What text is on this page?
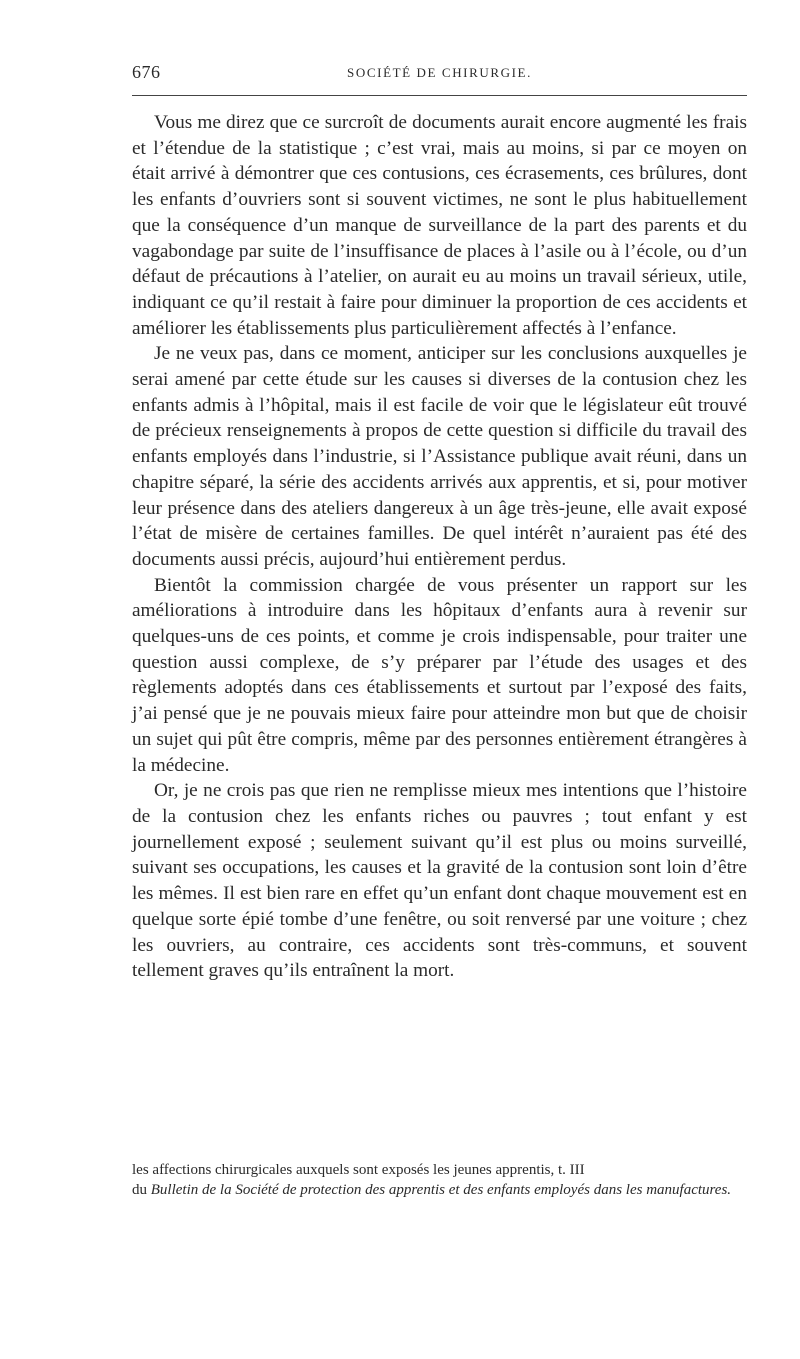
676	SOCIÉTÉ DE CHIRURGIE.

Vous me direz que ce surcroît de documents aurait encore augmenté les frais et l’étendue de la statistique ; c’est vrai, mais au moins, si par ce moyen on était arrivé à démontrer que ces contusions, ces écrasements, ces brûlures, dont les enfants d’ouvriers sont si souvent victimes, ne sont le plus habituellement que la conséquence d’un manque de surveillance de la part des parents et du vagabondage par suite de l’insuffisance de places à l’asile ou à l’école, ou d’un défaut de précautions à l’atelier, on aurait eu au moins un travail sérieux, utile, indiquant ce qu’il restait à faire pour diminuer la proportion de ces accidents et améliorer les établissements plus particulièrement affectés à l’enfance.

Je ne veux pas, dans ce moment, anticiper sur les conclusions auxquelles je serai amené par cette étude sur les causes si diverses de la contusion chez les enfants admis à l’hôpital, mais il est facile de voir que le législateur eût trouvé de précieux renseignements à propos de cette question si difficile du travail des enfants employés dans l’industrie, si l’Assistance publique avait réuni, dans un chapitre séparé, la série des accidents arrivés aux apprentis, et si, pour motiver leur présence dans des ateliers dangereux à un âge très-jeune, elle avait exposé l’état de misère de certaines familles. De quel intérêt n’auraient pas été des documents aussi précis, aujourd’hui entièrement perdus.

Bientôt la commission chargée de vous présenter un rapport sur les améliorations à introduire dans les hôpitaux d’enfants aura à revenir sur quelques-uns de ces points, et comme je crois indispensable, pour traiter une question aussi complexe, de s’y préparer par l’étude des usages et des règlements adoptés dans ces établissements et surtout par l’exposé des faits, j’ai pensé que je ne pouvais mieux faire pour atteindre mon but que de choisir un sujet qui pût être compris, même par des personnes entièrement étrangères à la médecine.

Or, je ne crois pas que rien ne remplisse mieux mes intentions que l’histoire de la contusion chez les enfants riches ou pauvres ; tout enfant y est journellement exposé ; seulement suivant qu’il est plus ou moins surveillé, suivant ses occupations, les causes et la gravité de la contusion sont loin d’être les mêmes. Il est bien rare en effet qu’un enfant dont chaque mouvement est en quelque sorte épié tombe d’une fenêtre, ou soit renversé par une voiture ; chez les ouvriers, au contraire, ces accidents sont très-communs, et souvent tellement graves qu’ils entraînent la mort.

les affections chirurgicales auxquels sont exposés les jeunes apprentis, t. III

du Bulletin de la Société de protection des apprentis et des enfants employés dans les manufactures.
